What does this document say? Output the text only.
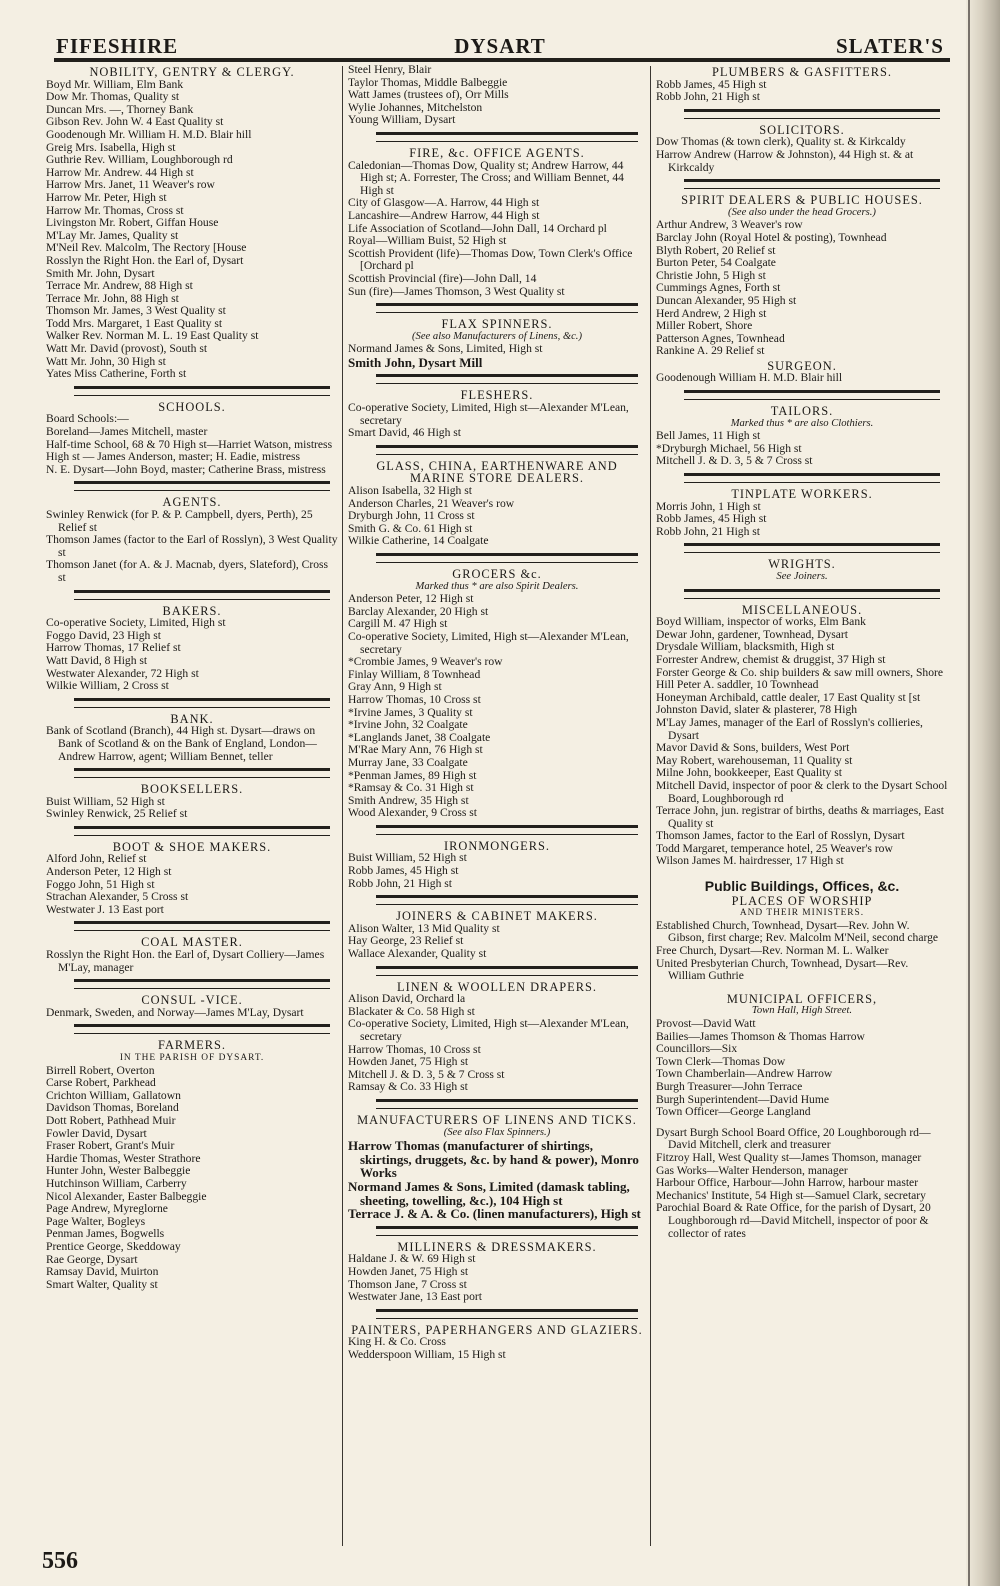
FIFESHIRE	DYSART	SLATER'S
NOBILITY, GENTRY & CLERGY.
Boyd Mr. William, Elm Bank
Dow Mr. Thomas, Quality st
Duncan Mrs. —, Thorney Bank
Gibson Rev. John W. 4 East Quality st
Goodenough Mr. William H. M.D. Blair hill
Greig Mrs. Isabella, High st
Guthrie Rev. William, Loughborough rd
Harrow Mr. Andrew. 44 High st
Harrow Mrs. Janet, 11 Weaver's row
Harrow Mr. Peter, High st
Harrow Mr. Thomas, Cross st
Livingston Mr. Robert, Giffan House
M'Lay Mr. James, Quality st
M'Neil Rev. Malcolm, The Rectory [House
Rosslyn the Right Hon. the Earl of, Dysart
Smith Mr. John, Dysart
Terrace Mr. Andrew, 88 High st
Terrace Mr. John, 88 High st
Thomson Mr. James, 3 West Quality st
Todd Mrs. Margaret, 1 East Quality st
Walker Rev. Norman M. L. 19 East Quality st
Watt Mr. David (provost), South st
Watt Mr. John, 30 High st
Yates Miss Catherine, Forth st
SCHOOLS.
Board Schools:—
Boreland—James Mitchell, master
Half-time School, 68 & 70 High st—Harriet Watson, mistress
High st — James Anderson, master; H. Eadie, mistress
N. E. Dysart—John Boyd, master; Catherine Brass, mistress
AGENTS.
Swinley Renwick (for P. & P. Campbell, dyers, Perth), 25 Relief st
Thomson James (factor to the Earl of Rosslyn), 3 West Quality st
Thomson Janet (for A. & J. Macnab, dyers, Slateford), Cross st
BAKERS.
Co-operative Society, Limited, High st
Foggo David, 23 High st
Harrow Thomas, 17 Relief st
Watt David, 8 High st
Westwater Alexander, 72 High st
Wilkie William, 2 Cross st
BANK.
Bank of Scotland (Branch), 44 High st. Dysart—draws on Bank of Scotland & on the Bank of England, London—Andrew Harrow, agent; William Bennet, teller
BOOKSELLERS.
Buist William, 52 High st
Swinley Renwick, 25 Relief st
BOOT & SHOE MAKERS.
Alford John, Relief st
Anderson Peter, 12 High st
Foggo John, 51 High st
Strachan Alexander, 5 Cross st
Westwater J. 13 East port
COAL MASTER.
Rosslyn the Right Hon. the Earl of, Dysart Colliery—James M'Lay, manager
CONSUL -VICE.
Denmark, Sweden, and Norway—James M'Lay, Dysart
FARMERS.
IN THE PARISH OF DYSART.
Birrell Robert, Overton
Carse Robert, Parkhead
Crichton William, Gallatown
Davidson Thomas, Boreland
Dott Robert, Pathhead Muir
Fowler David, Dysart
Fraser Robert, Grant's Muir
Hardie Thomas, Wester Strathore
Hunter John, Wester Balbeggie
Hutchinson William, Carberry
Nicol Alexander, Easter Balbeggie
Page Andrew, Myreglorne
Page Walter, Bogleys
Penman James, Bogwells
Prentice George, Skeddoway
Rae George, Dysart
Ramsay David, Muirton
Smart Walter, Quality st
Steel Henry, Blair
Taylor Thomas, Middle Balbeggie
Watt James (trustees of), Orr Mills
Wylie Johannes, Mitchelston
Young William, Dysart
FIRE, &c. OFFICE AGENTS.
Caledonian—Thomas Dow, Quality st; Andrew Harrow, 44 High st; A. Forrester, The Cross; and William Bennet, 44 High st
City of Glasgow—A. Harrow, 44 High st
Lancashire—Andrew Harrow, 44 High st
Life Association of Scotland—John Dall, 14 Orchard pl
Royal—William Buist, 52 High st
Scottish Provident (life)—Thomas Dow, Town Clerk's Office [Orchard pl
Scottish Provincial (fire)—John Dall, 14
Sun (fire)—James Thomson, 3 West Quality st
FLAX SPINNERS.
(See also Manufacturers of Linens, &c.)
Normand James & Sons, Limited, High st
Smith John, Dysart Mill
FLESHERS.
Co-operative Society, Limited, High st—Alexander M'Lean, secretary
Smart David, 46 High st
GLASS, CHINA, EARTHENWARE AND MARINE STORE DEALERS.
Alison Isabella, 32 High st
Anderson Charles, 21 Weaver's row
Dryburgh John, 11 Cross st
Smith G. & Co. 61 High st
Wilkie Catherine, 14 Coalgate
GROCERS &c.
Marked thus * are also Spirit Dealers.
Anderson Peter, 12 High st
Barclay Alexander, 20 High st
Cargill M. 47 High st
Co-operative Society, Limited, High st—Alexander M'Lean, secretary
*Crombie James, 9 Weaver's row
Finlay William, 8 Townhead
Gray Ann, 9 High st
Harrow Thomas, 10 Cross st
*Irvine James, 3 Quality st
*Irvine John, 32 Coalgate
*Langlands Janet, 38 Coalgate
M'Rae Mary Ann, 76 High st
Murray Jane, 33 Coalgate
*Penman James, 89 High st
*Ramsay & Co. 31 High st
Smith Andrew, 35 High st
Wood Alexander, 9 Cross st
IRONMONGERS.
Buist William, 52 High st
Robb James, 45 High st
Robb John, 21 High st
JOINERS & CABINET MAKERS.
Alison Walter, 13 Mid Quality st
Hay George, 23 Relief st
Wallace Alexander, Quality st
LINEN & WOOLLEN DRAPERS.
Alison David, Orchard la
Blackater & Co. 58 High st
Co-operative Society, Limited, High st—Alexander M'Lean, secretary
Harrow Thomas, 10 Cross st
Howden Janet, 75 High st
Mitchell J. & D. 3, 5 & 7 Cross st
Ramsay & Co. 33 High st
MANUFACTURERS OF LINENS AND TICKS.
(See also Flax Spinners.)
Harrow Thomas (manufacturer of shirtings, skirtings, druggets, &c. by hand & power), Monro Works
Normand James & Sons, Limited (damask tabling, sheeting, towelling, &c.), 104 High st
Terrace J. & A. & Co. (linen manufacturers), High st
MILLINERS & DRESSMAKERS.
Haldane J. & W. 69 High st
Howden Janet, 75 High st
Thomson Jane, 7 Cross st
Westwater Jane, 13 East port
PAINTERS, PAPERHANGERS AND GLAZIERS.
King H. & Co. Cross
Wedderspoon William, 15 High st
PLUMBERS & GASFITTERS.
Robb James, 45 High st
Robb John, 21 High st
SOLICITORS.
Dow Thomas (& town clerk), Quality st. & Kirkcaldy
Harrow Andrew (Harrow & Johnston), 44 High st. & at Kirkcaldy
SPIRIT DEALERS & PUBLIC HOUSES.
(See also under the head Grocers.)
Arthur Andrew, 3 Weaver's row
Barclay John (Royal Hotel & posting), Townhead
Blyth Robert, 20 Relief st
Burton Peter, 54 Coalgate
Christie John, 5 High st
Cummings Agnes, Forth st
Duncan Alexander, 95 High st
Herd Andrew, 2 High st
Miller Robert, Shore
Patterson Agnes, Townhead
Rankine A. 29 Relief st
SURGEON.
Goodenough William H. M.D. Blair hill
TAILORS.
Marked thus * are also Clothiers.
Bell James, 11 High st
*Dryburgh Michael, 56 High st
Mitchell J. & D. 3, 5 & 7 Cross st
TINPLATE WORKERS.
Morris John, 1 High st
Robb James, 45 High st
Robb John, 21 High st
WRIGHTS.
See Joiners.
MISCELLANEOUS.
Boyd William, inspector of works, Elm Bank
Dewar John, gardener, Townhead, Dysart
Drysdale William, blacksmith, High st
Forrester Andrew, chemist & druggist, 37 High st
Forster George & Co. ship builders & saw mill owners, Shore
Hill Peter A. saddler, 10 Townhead
Honeyman Archibald, cattle dealer, 17 East Quality st [st
Johnston David, slater & plasterer, 78 High
M'Lay James, manager of the Earl of Rosslyn's collieries, Dysart
Mavor David & Sons, builders, West Port
May Robert, warehouseman, 11 Quality st
Milne John, bookkeeper, East Quality st
Mitchell David, inspector of poor & clerk to the Dysart School Board, Loughborough rd
Terrace John, jun. registrar of births, deaths & marriages, East Quality st
Thomson James, factor to the Earl of Rosslyn, Dysart
Todd Margaret, temperance hotel, 25 Weaver's row
Wilson James M. hairdresser, 17 High st
Public Buildings, Offices, &c.
PLACES OF WORSHIP
AND THEIR MINISTERS.
Established Church, Townhead, Dysart—Rev. John W. Gibson, first charge; Rev. Malcolm M'Neil, second charge
Free Church, Dysart—Rev. Norman M. L. Walker
United Presbyterian Church, Townhead, Dysart—Rev. William Guthrie
MUNICIPAL OFFICERS,
Town Hall, High Street.
Provost—David Watt
Bailies—James Thomson & Thomas Harrow
Councillors—Six
Town Clerk—Thomas Dow
Town Chamberlain—Andrew Harrow
Burgh Treasurer—John Terrace
Burgh Superintendent—David Hume
Town Officer—George Langland
Dysart Burgh School Board Office, 20 Loughborough rd—David Mitchell, clerk and treasurer
Fitzroy Hall, West Quality st—James Thomson, manager
Gas Works—Walter Henderson, manager
Harbour Office, Harbour—John Harrow, harbour master
Mechanics' Institute, 54 High st—Samuel Clark, secretary
Parochial Board & Rate Office, for the parish of Dysart, 20 Loughborough rd—David Mitchell, inspector of poor & collector of rates
556
